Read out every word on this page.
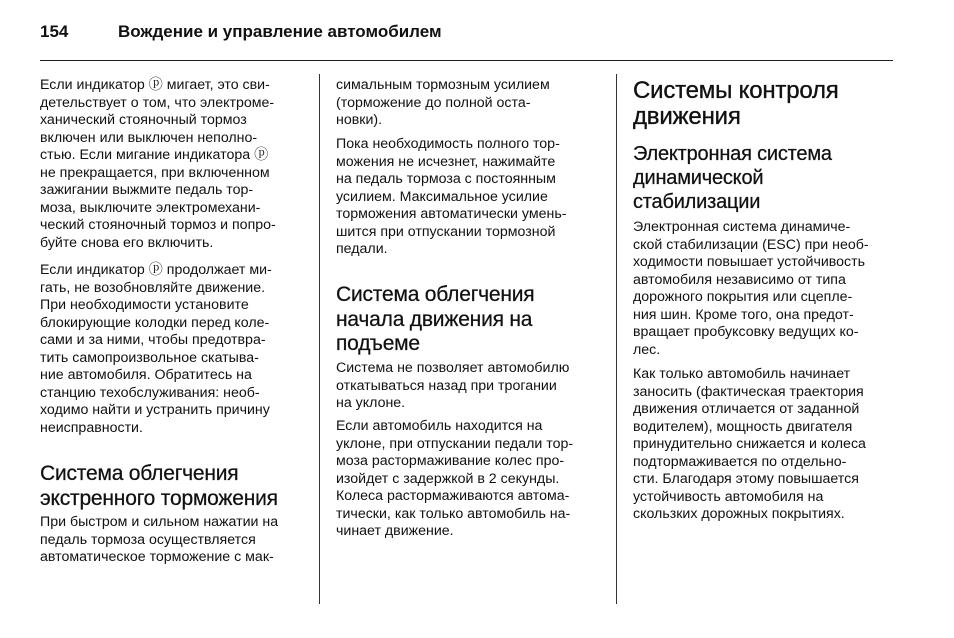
154	Вождение и управление автомобилем

Если индикатор ⓟ мигает, это сви-
детельствует о том, что электроме-
ханический стояночный тормоз
включен или выключен неполно-
стью. Если мигание индикатора ⓟ
не прекращается, при включенном
зажигании выжмите педаль тор-
моза, выключите электромехани-
ческий стояночный тормоз и попро-
буйте снова его включить.

Если индикатор ⓟ продолжает ми-
гать, не возобновляйте движение.
При необходимости установите
блокирующие колодки перед коле-
сами и за ними, чтобы предотвра-
тить самопроизвольное скатыва-
ние автомобиля. Обратитесь на
станцию техобслуживания: необ-
ходимо найти и устранить причину
неисправности.

Система облегчения
экстренного торможения

При быстром и сильном нажатии на
педаль тормоза осуществляется
автоматическое торможение с мак-

симальным тормозным усилием
(торможение до полной оста-
новки).

Пока необходимость полного тор-
можения не исчезнет, нажимайте
на педаль тормоза с постоянным
усилием. Максимальное усилие
торможения автоматически умень-
шится при отпускании тормозной
педали.

Система облегчения
начала движения на
подъеме

Система не позволяет автомобилю
откатываться назад при трогании
на уклоне.

Если автомобиль находится на
уклоне, при отпускании педали тор-
моза растормаживание колес про-
изойдет с задержкой в 2 секунды.
Колеса растормаживаются автома-
тически, как только автомобиль на-
чинает движение.

Системы контроля
движения
Электронная система
динамической
стабилизации

Электронная система динамиче-
ской стабилизации (ESC) при необ-
ходимости повышает устойчивость
автомобиля независимо от типа
дорожного покрытия или сцепле-
ния шин. Кроме того, она предот-
вращает пробуксовку ведущих ко-
лес.

Как только автомобиль начинает
заносить (фактическая траектория
движения отличается от заданной
водителем), мощность двигателя
принудительно снижается и колеса
подтормаживается по отдельно-
сти. Благодаря этому повышается
устойчивость автомобиля на
скользких дорожных покрытиях.
